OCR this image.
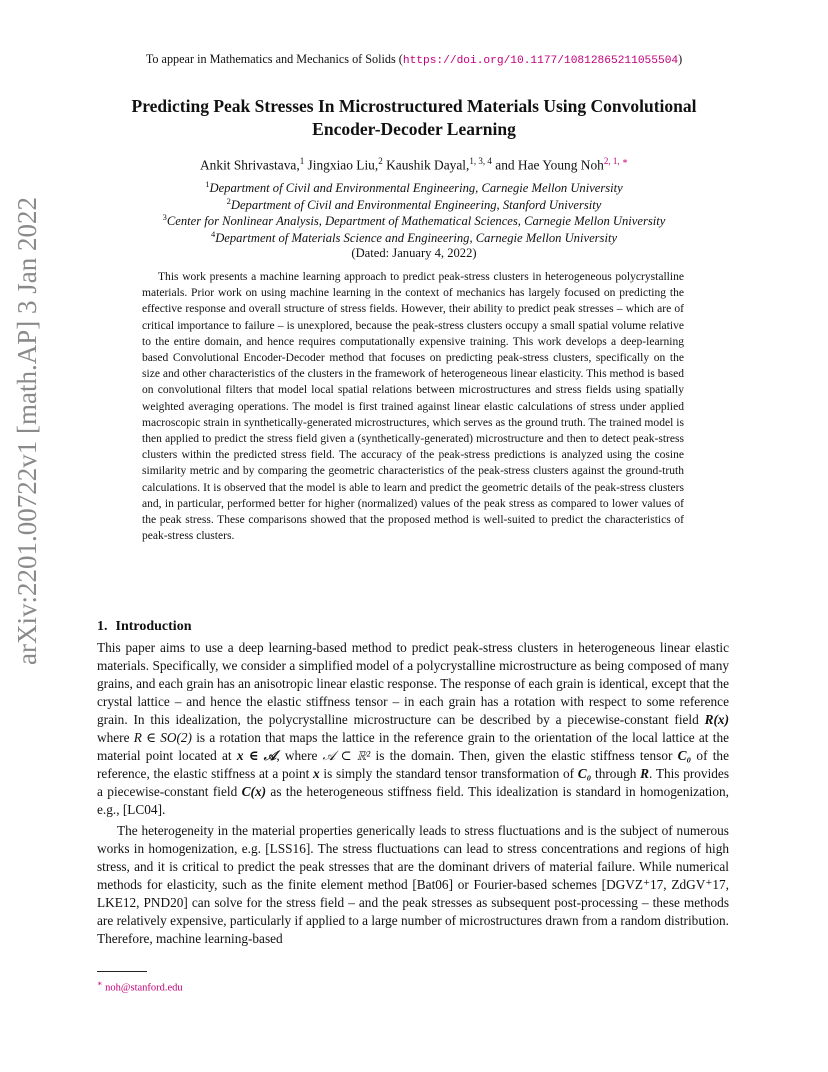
To appear in Mathematics and Mechanics of Solids (https://doi.org/10.1177/10812865211055504)
arXiv:2201.00722v1 [math.AP] 3 Jan 2022
Predicting Peak Stresses In Microstructured Materials Using Convolutional
Encoder-Decoder Learning
Ankit Shrivastava,$^1$ Jingxiao Liu,$^2$ Kaushik Dayal,$^{1, 3, 4}$ and Hae Young Noh$^{2, 1, ∗}$
$^1$Department of Civil and Environmental Engineering, Carnegie Mellon University
$^2$Department of Civil and Environmental Engineering, Stanford University
$^3$Center for Nonlinear Analysis, Department of Mathematical Sciences, Carnegie Mellon University
$^4$Department of Materials Science and Engineering, Carnegie Mellon University
(Dated: January 4, 2022)
This work presents a machine learning approach to predict peak-stress clusters in heterogeneous polycrystalline materials. Prior work on using machine learning in the context of mechanics has largely focused on predicting the effective response and overall structure of stress fields. However, their ability to predict peak stresses – which are of critical importance to failure – is unexplored, because the peak-stress clusters occupy a small spatial volume relative to the entire domain, and hence requires computationally expensive training. This work develops a deep-learning based Convolutional Encoder-Decoder method that focuses on predicting peak-stress clusters, specifically on the size and other characteristics of the clusters in the framework of heterogeneous linear elasticity. This method is based on convolutional filters that model local spatial relations between microstructures and stress fields using spatially weighted averaging operations. The model is first trained against linear elastic calculations of stress under applied macroscopic strain in synthetically-generated microstructures, which serves as the ground truth. The trained model is then applied to predict the stress field given a (synthetically-generated) microstructure and then to detect peak-stress clusters within the predicted stress field. The accuracy of the peak-stress predictions is analyzed using the cosine similarity metric and by comparing the geometric characteristics of the peak-stress clusters against the ground-truth calculations. It is observed that the model is able to learn and predict the geometric details of the peak-stress clusters and, in particular, performed better for higher (normalized) values of the peak stress as compared to lower values of the peak stress. These comparisons showed that the proposed method is well-suited to predict the characteristics of peak-stress clusters.
1. Introduction

This paper aims to use a deep learning-based method to predict peak-stress clusters in heterogeneous linear elastic materials. Specifically, we consider a simplified model of a polycrystalline microstructure as being composed of many grains, and each grain has an anisotropic linear elastic response. The response of each grain is identical, except that the crystal lattice – and hence the elastic stiffness tensor – in each grain has a rotation with respect to some reference grain. In this idealization, the polycrystalline microstructure can be described by a piecewise-constant field R(x) where R ∈ SO(2) is a rotation that maps the lattice in the reference grain to the orientation of the local lattice at the material point located at x ∈ 𝒜, where 𝒜 ⊂ ℝ² is the domain. Then, given the elastic stiffness tensor C₀ of the reference, the elastic stiffness at a point x is simply the standard tensor transformation of C₀ through R. This provides a piecewise-constant field C(x) as the heterogeneous stiffness field. This idealization is standard in homogenization, e.g., [LC04].

The heterogeneity in the material properties generically leads to stress fluctuations and is the subject of numerous works in homogenization, e.g. [LSS16]. The stress fluctuations can lead to stress concentrations and regions of high stress, and it is critical to predict the peak stresses that are the dominant drivers of material failure. While numerical methods for elasticity, such as the finite element method [Bat06] or Fourier-based schemes [DGVZ⁺17, ZdGV⁺17, LKE12, PND20] can solve for the stress field – and the peak stresses as subsequent post-processing – these methods are relatively expensive, particularly if applied to a large number of microstructures drawn from a random distribution. Therefore, machine learning-based

∗ noh@stanford.edu
